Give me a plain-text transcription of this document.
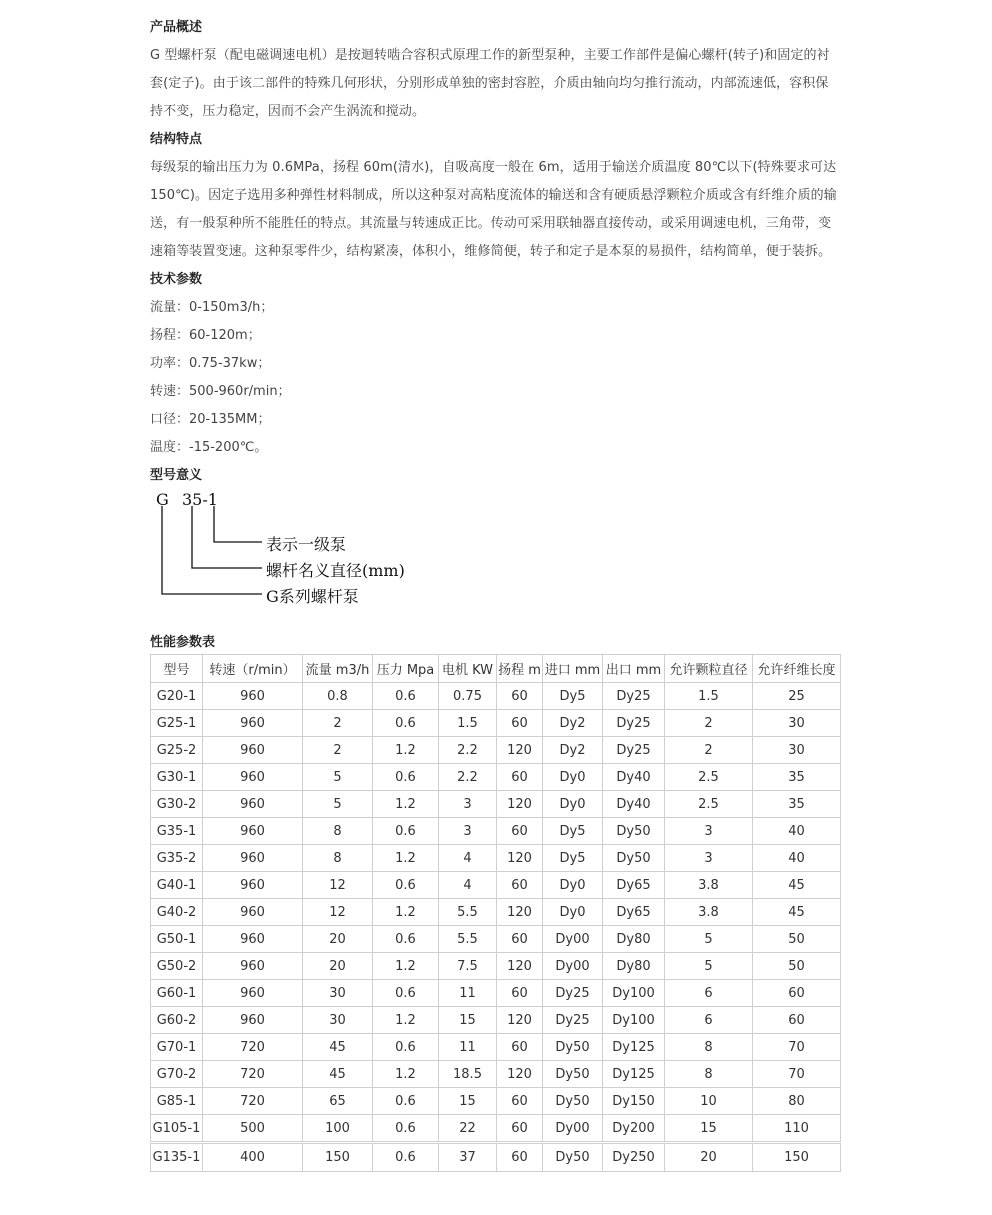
产品概述
G 型螺杆泵（配电磁调速电机）是按迴转啮合容积式原理工作的新型泵种，主要工作部件是偏心螺杆(转子)和固定的衬
套(定子)。由于该二部件的特殊几何形状，分别形成单独的密封容腔，介质由轴向均匀推行流动，内部流速低，容积保
持不变，压力稳定，因而不会产生涡流和搅动。
结构特点
每级泵的输出压力为 0.6MPa，扬程 60m(清水)，自吸高度一般在 6m，适用于输送介质温度 80℃以下(特殊要求可达
150℃)。因定子选用多种弹性材料制成，所以这种泵对高粘度流体的输送和含有硬质悬浮颗粒介质或含有纤维介质的输
送，有一般泵种所不能胜任的特点。其流量与转速成正比。传动可采用联轴器直接传动，或采用调速电机，三角带，变
速箱等装置变速。这种泵零件少，结构紧凑，体积小，维修简便，转子和定子是本泵的易损件，结构简单，便于装拆。
技术参数
流量：0-150m3/h；
扬程：60-120m；
功率：0.75-37kw；
转速：500-960r/min；
口径：20-135MM；
温度：-15-200℃。
型号意义
G 35-1
表示一级泵
螺杆名义直径(mm)
G系列螺杆泵
性能参数表
型号	转速（r/min）	流量 m3/h	压力 Mpa	电机 KW	扬程 m	进口 mm	出口 mm	允许颗粒直径	允许纤维长度
G20-1	960	0.8	0.6	0.75	60	Dy5	Dy25	1.5	25
G25-1	960	2	0.6	1.5	60	Dy2	Dy25	2	30
G25-2	960	2	1.2	2.2	120	Dy2	Dy25	2	30
G30-1	960	5	0.6	2.2	60	Dy0	Dy40	2.5	35
G30-2	960	5	1.2	3	120	Dy0	Dy40	2.5	35
G35-1	960	8	0.6	3	60	Dy5	Dy50	3	40
G35-2	960	8	1.2	4	120	Dy5	Dy50	3	40
G40-1	960	12	0.6	4	60	Dy0	Dy65	3.8	45
G40-2	960	12	1.2	5.5	120	Dy0	Dy65	3.8	45
G50-1	960	20	0.6	5.5	60	Dy00	Dy80	5	50
G50-2	960	20	1.2	7.5	120	Dy00	Dy80	5	50
G60-1	960	30	0.6	11	60	Dy25	Dy100	6	60
G60-2	960	30	1.2	15	120	Dy25	Dy100	6	60
G70-1	720	45	0.6	11	60	Dy50	Dy125	8	70
G70-2	720	45	1.2	18.5	120	Dy50	Dy125	8	70
G85-1	720	65	0.6	15	60	Dy50	Dy150	10	80
G105-1	500	100	0.6	22	60	Dy00	Dy200	15	110
G135-1	400	150	0.6	37	60	Dy50	Dy250	20	150
